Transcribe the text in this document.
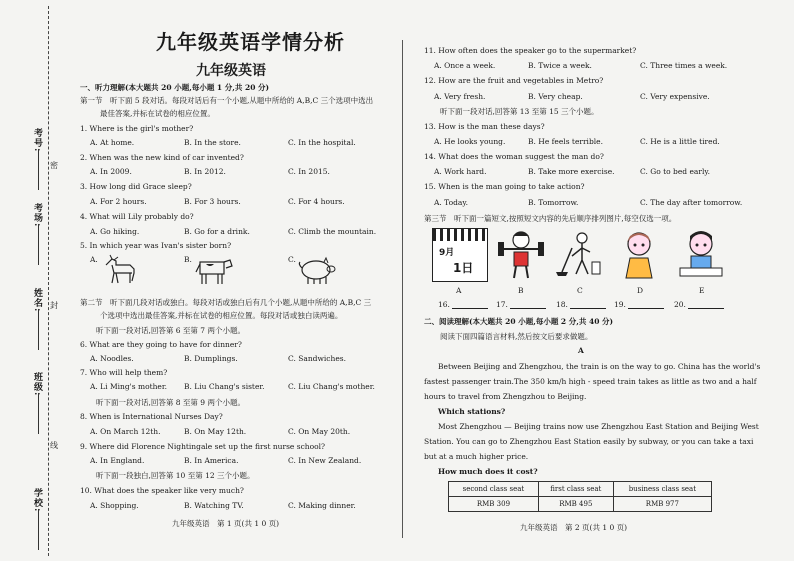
考号:
考场:
姓名:
班级:
学校:
密
封
线
九年级英语学情分析
九年级英语
一、听力理解(本大题共 20 小题,每小题 1 分,共 20 分)
第一节　听下面 5 段对话。每段对话后有一个小题,从题中所给的 A,B,C 三个选项中选出
最佳答案,并标在试卷的相应位置。
1. Where is the girl's mother?
A. At home.	B. In the store.	C. In the hospital.
2. When was the new kind of car invented?
A. In 2009.	B. In 2012.	C. In 2015.
3. How long did Grace sleep?
A. For 2 hours.	B. For 3 hours.	C. For 4 hours.
4. What will Lily probably do?
A. Go hiking.	B. Go for a drink.	C. Climb the mountain.
5. In which year was Ivan's sister born?
A.	B.	C.
第二节　听下面几段对话或独白。每段对话或独白后有几个小题,从题中所给的 A,B,C 三
个选项中选出最佳答案,并标在试卷的相应位置。每段对话或独白读两遍。
听下面一段对话,回答第 6 至第 7 两个小题。
6. What are they going to have for dinner?
A. Noodles.	B. Dumplings.	C. Sandwiches.
7. Who will help them?
A. Li Ming's mother. B. Liu Chang's sister.	C. Liu Chang's mother.
听下面一段对话,回答第 8 至第 9 两个小题。
8. When is International Nurses Day?
A. On March 12th.	B. On May 12th.	C. On May 20th.
9. Where did Florence Nightingale set up the first nurse school?
A. In England.	B. In America.	C. In New Zealand.
听下面一段独白,回答第 10 至第 12 三个小题。
10. What does the speaker like very much?
A. Shopping.	B. Watching TV.	C. Making dinner.
九年级英语　第 1 页(共 1 0 页)
11. How often does the speaker go to the supermarket?
A. Once a week.	B. Twice a week.	C. Three times a week.
12. How are the fruit and vegetables in Metro?
A. Very fresh.	B. Very cheap.	C. Very expensive.
听下面一段对话,回答第 13 至第 15 三个小题。
13. How is the man these days?
A. He looks young.	B. He feels terrible.	C. He is a little tired.
14. What does the woman suggest the man do?
A. Work hard.	B. Take more exercise.	C. Go to bed early.
15. When is the man going to take action?
A. Today.	B. Tomorrow.	C. The day after tomorrow.
第三节　听下面一篇短文,按照短文内容的先后顺序排列图片,每空仅选一项。
9月
1日
A	B	C	D	E
16.	17.	18.	19.	20.
二、阅读理解(本大题共 20 小题,每小题 2 分,共 40 分)
阅读下面四篇语言材料,然后按文后要求做题。
A
Between Beijing and Zhengzhou, the train is on the way to go. China has the world's
fastest passenger train.The 350 km/h high - speed train takes as little as two and a half
hours to travel from Zhengzhou to Beijing.
Which stations?
Most Zhengzhou — Beijing trains now use Zhengzhou East Station and Beijing West
Station. You can go to Zhengzhou East Station easily by subway, or you can take a taxi
but at a much higher price.
How much does it cost?
second class seat	first class seat	business class seat
RMB 309	RMB 495	RMB 977
九年级英语　第 2 页(共 1 0 页)
